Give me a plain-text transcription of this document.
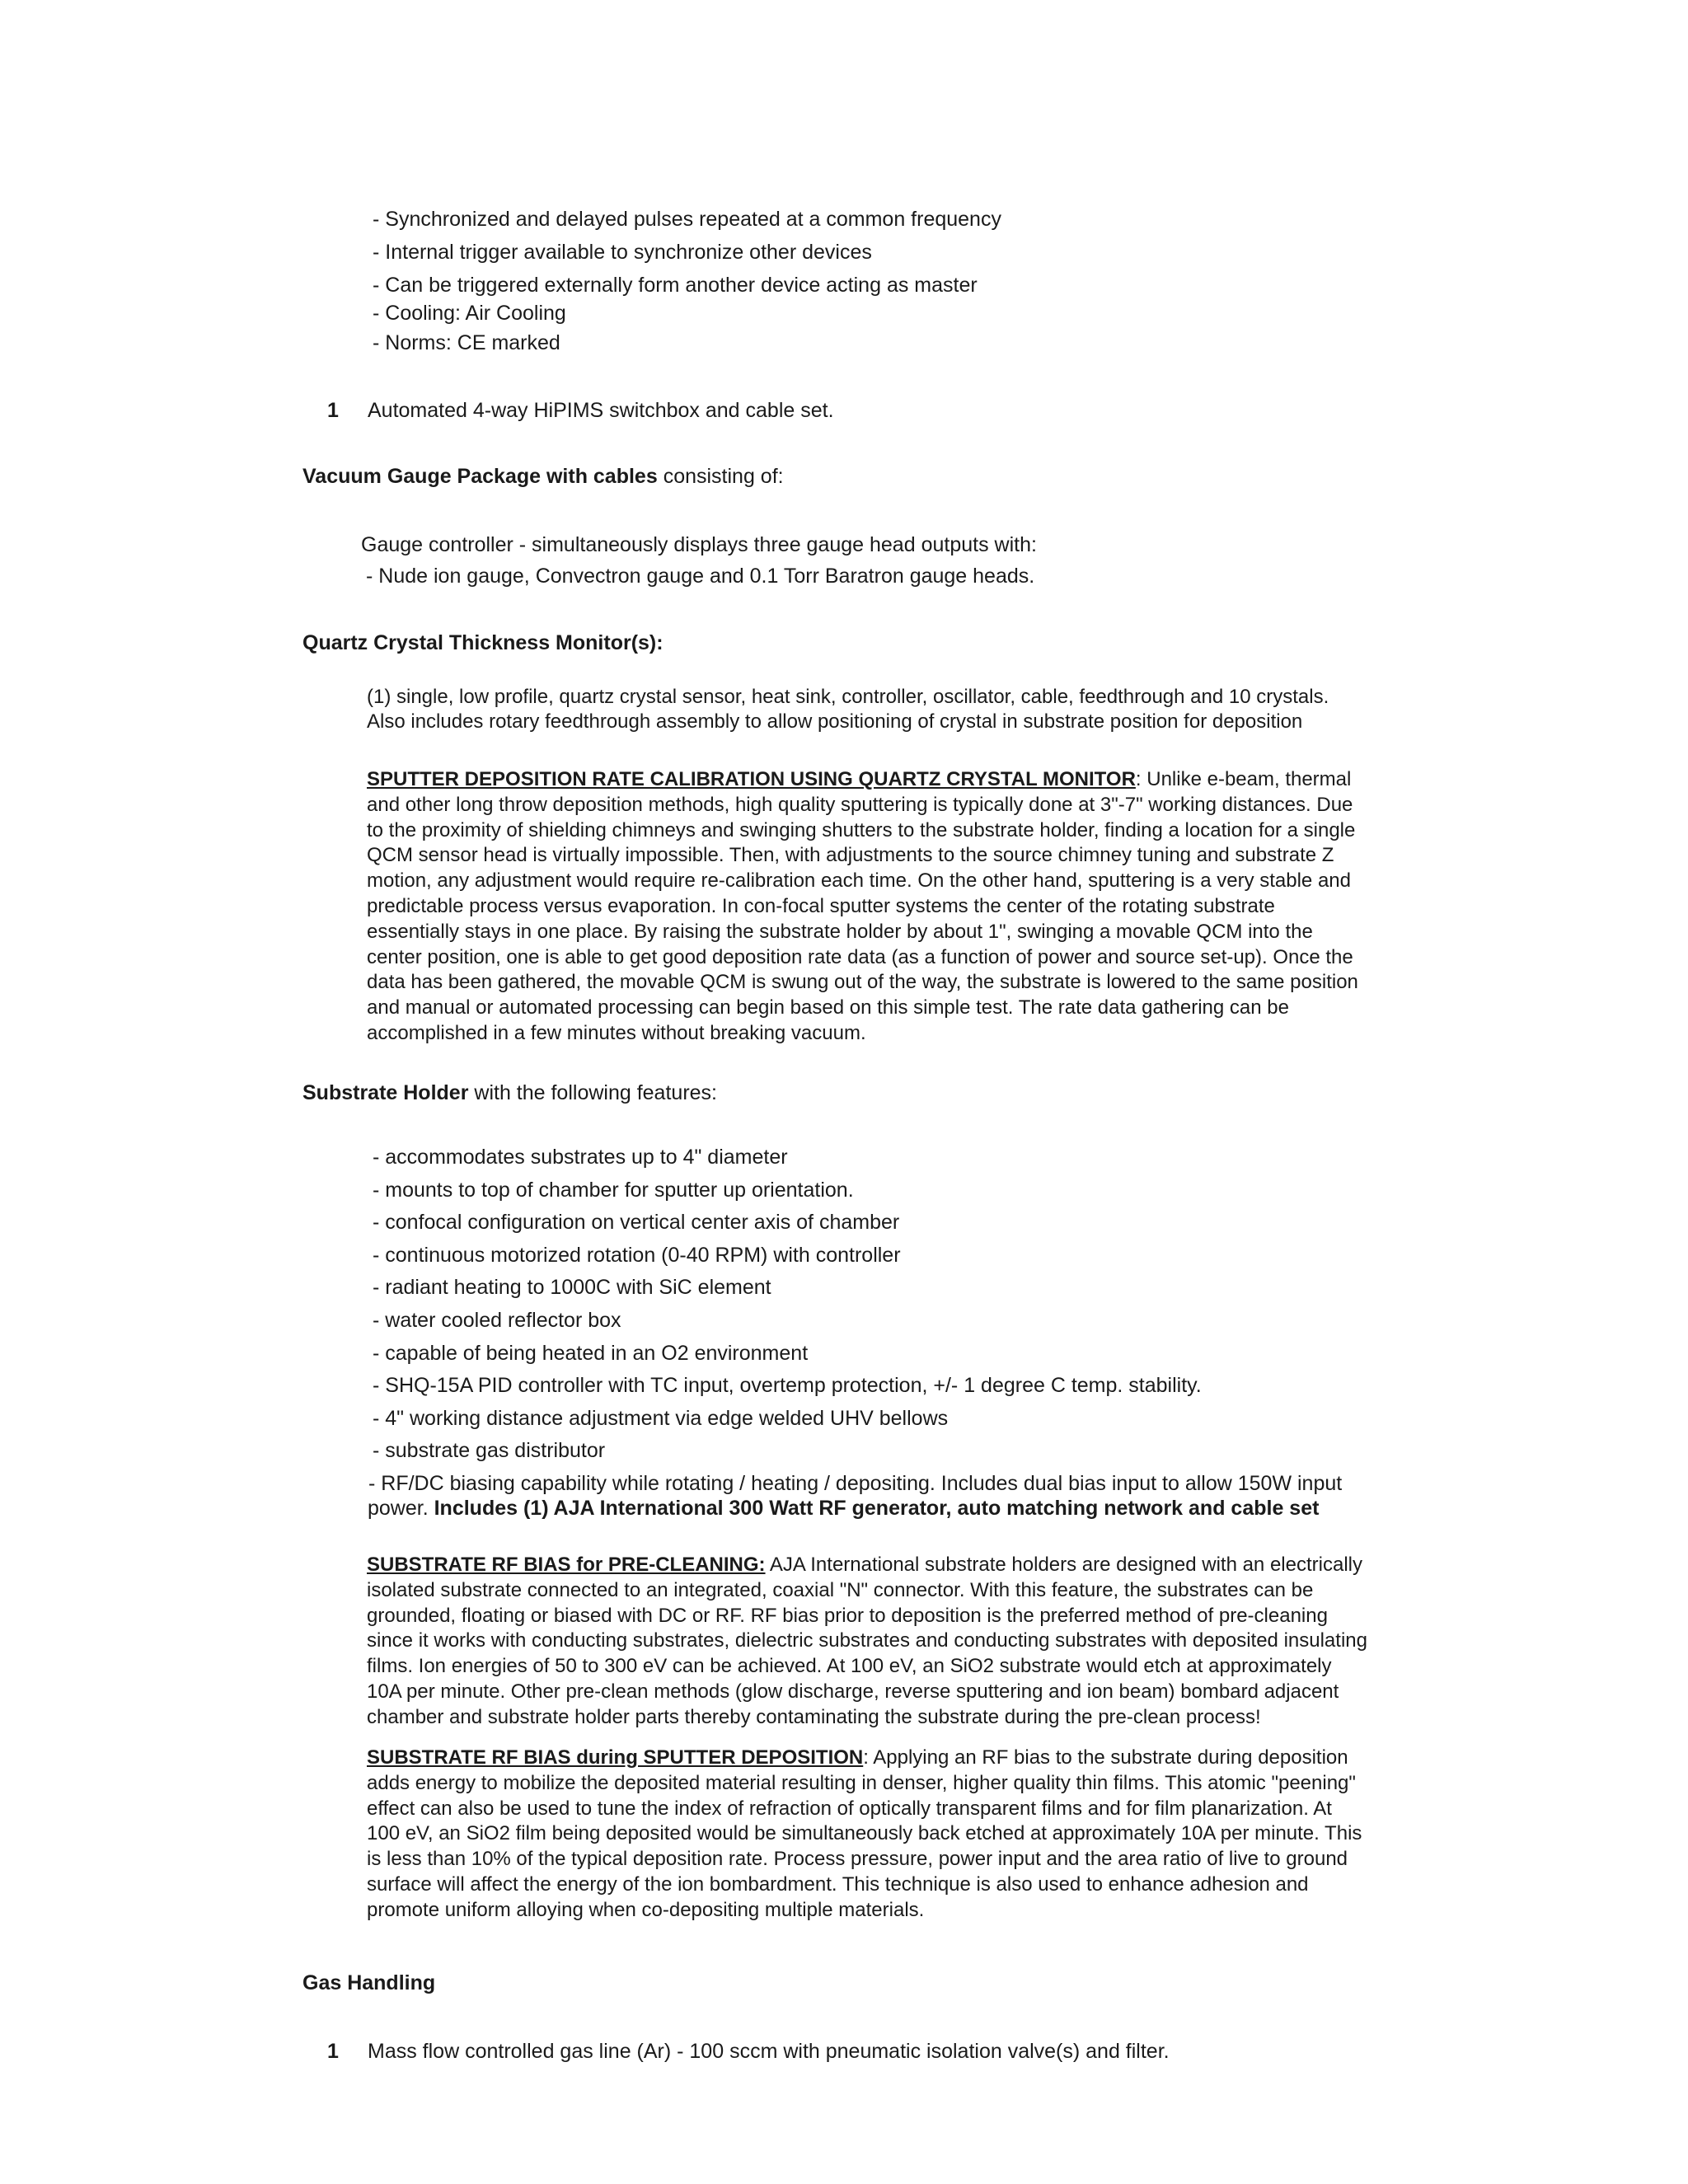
- Synchronized and delayed pulses repeated at a common frequency
- Internal trigger available to synchronize other devices
- Can be triggered externally form another device acting as master
- Cooling: Air Cooling
- Norms: CE marked
1 Automated 4-way HiPIMS switchbox and cable set.
Vacuum Gauge Package with cables consisting of:
Gauge controller - simultaneously displays three gauge head outputs with:
- Nude ion gauge, Convectron gauge and 0.1 Torr Baratron gauge heads.
Quartz Crystal Thickness Monitor(s):
(1) single, low profile, quartz crystal sensor, heat sink, controller, oscillator, cable, feedthrough and 10 crystals.
Also includes rotary feedthrough assembly to allow positioning of crystal in substrate position for deposition
SPUTTER DEPOSITION RATE CALIBRATION USING QUARTZ CRYSTAL MONITOR: Unlike e-beam, thermal
and other long throw deposition methods, high quality sputtering is typically done at 3"-7" working distances. Due
to the proximity of shielding chimneys and swinging shutters to the substrate holder, finding a location for a single
QCM sensor head is virtually impossible. Then, with adjustments to the source chimney tuning and substrate Z
motion, any adjustment would require re-calibration each time. On the other hand, sputtering is a very stable and
predictable process versus evaporation. In con-focal sputter systems the center of the rotating substrate
essentially stays in one place. By raising the substrate holder by about 1", swinging a movable QCM into the
center position, one is able to get good deposition rate data (as a function of power and source set-up). Once the
data has been gathered, the movable QCM is swung out of the way, the substrate is lowered to the same position
and manual or automated processing can begin based on this simple test. The rate data gathering can be
accomplished in a few minutes without breaking vacuum.
Substrate Holder with the following features:
- accommodates substrates up to 4" diameter
- mounts to top of chamber for sputter up orientation.
- confocal configuration on vertical center axis of chamber
- continuous motorized rotation (0-40 RPM) with controller
- radiant heating to 1000C with SiC element
- water cooled reflector box
- capable of being heated in an O2 environment
- SHQ-15A PID controller with TC input, overtemp protection, +/- 1 degree C temp. stability.
- 4" working distance adjustment via edge welded UHV bellows
- substrate gas distributor
- RF/DC biasing capability while rotating / heating / depositing. Includes dual bias input to allow 150W input
power. Includes (1) AJA International 300 Watt RF generator, auto matching network and cable set
SUBSTRATE RF BIAS for PRE-CLEANING: AJA International substrate holders are designed with an electrically
isolated substrate connected to an integrated, coaxial "N" connector. With this feature, the substrates can be
grounded, floating or biased with DC or RF. RF bias prior to deposition is the preferred method of pre-cleaning
since it works with conducting substrates, dielectric substrates and conducting substrates with deposited insulating
films. Ion energies of 50 to 300 eV can be achieved. At 100 eV, an SiO2 substrate would etch at approximately
10A per minute. Other pre-clean methods (glow discharge, reverse sputtering and ion beam) bombard adjacent
chamber and substrate holder parts thereby contaminating the substrate during the pre-clean process!
SUBSTRATE RF BIAS during SPUTTER DEPOSITION: Applying an RF bias to the substrate during deposition
adds energy to mobilize the deposited material resulting in denser, higher quality thin films. This atomic "peening"
effect can also be used to tune the index of refraction of optically transparent films and for film planarization. At
100 eV, an SiO2 film being deposited would be simultaneously back etched at approximately 10A per minute. This
is less than 10% of the typical deposition rate. Process pressure, power input and the area ratio of live to ground
surface will affect the energy of the ion bombardment. This technique is also used to enhance adhesion and
promote uniform alloying when co-depositing multiple materials.
Gas Handling
1 Mass flow controlled gas line (Ar) - 100 sccm with pneumatic isolation valve(s) and filter.
